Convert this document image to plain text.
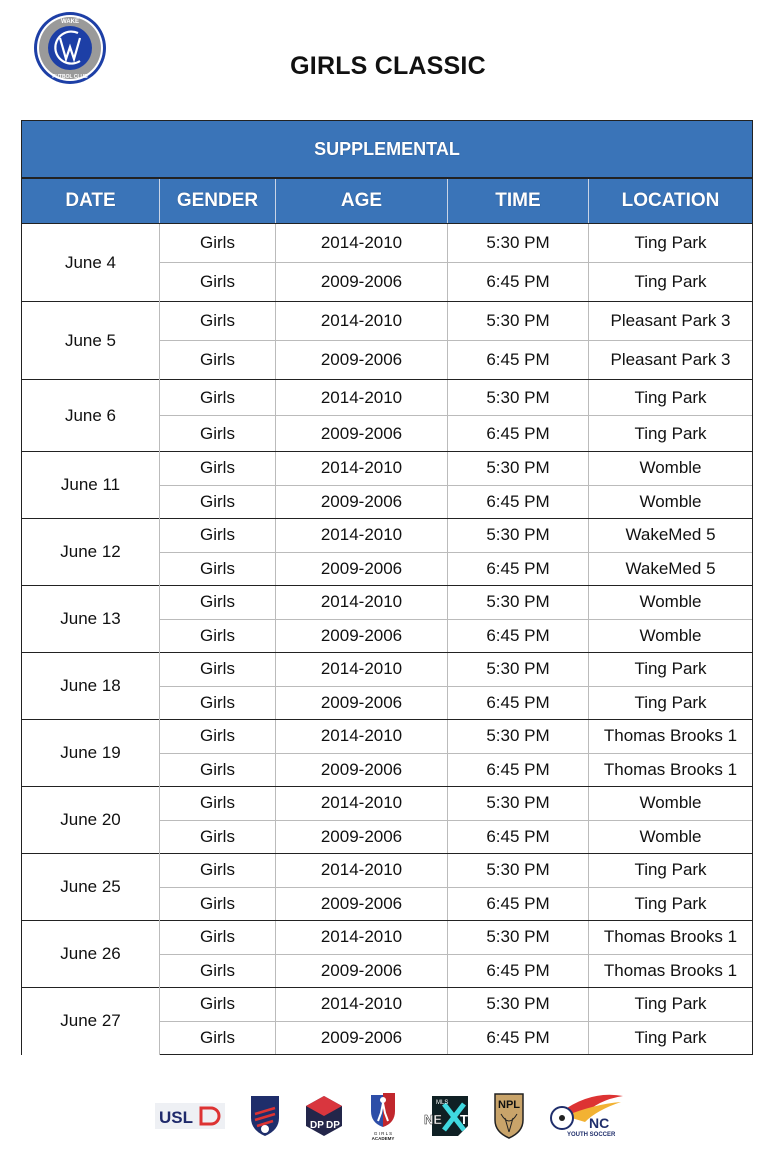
WAKE
FUTBOL CLUB	GIRLS CLASSIC
SUPPLEMENTAL				
DATE	GENDER	AGE	TIME	LOCATION
June 4	Girls	2014-2010	5:30 PM	Ting Park
	Girls	2009-2006	6:45 PM	Ting Park
June 5	Girls	2014-2010	5:30 PM	Pleasant Park 3
	Girls	2009-2006	6:45 PM	Pleasant Park 3
June 6	Girls	2014-2010	5:30 PM	Ting Park
	Girls	2009-2006	6:45 PM	Ting Park
June 11	Girls	2014-2010	5:30 PM	Womble
	Girls	2009-2006	6:45 PM	Womble
June 12	Girls	2014-2010	5:30 PM	WakeMed 5
	Girls	2009-2006	6:45 PM	WakeMed 5
June 13	Girls	2014-2010	5:30 PM	Womble
	Girls	2009-2006	6:45 PM	Womble
June 18	Girls	2014-2010	5:30 PM	Ting Park
	Girls	2009-2006	6:45 PM	Ting Park
June 19	Girls	2014-2010	5:30 PM	Thomas Brooks 1
	Girls	2009-2006	6:45 PM	Thomas Brooks 1
June 20	Girls	2014-2010	5:30 PM	Womble
	Girls	2009-2006	6:45 PM	Womble
June 25	Girls	2014-2010	5:30 PM	Ting Park
	Girls	2009-2006	6:45 PM	Ting Park
June 26	Girls	2014-2010	5:30 PM	Thomas Brooks 1
	Girls	2009-2006	6:45 PM	Thomas Brooks 1
June 27	Girls	2014-2010	5:30 PM	Ting Park
	Girls	2009-2006	6:45 PM	Ting Park
USL	DP DP
G I R L S
ACADEMY
NE T
MLS	NPL
NC
YOUTH SOCCER
